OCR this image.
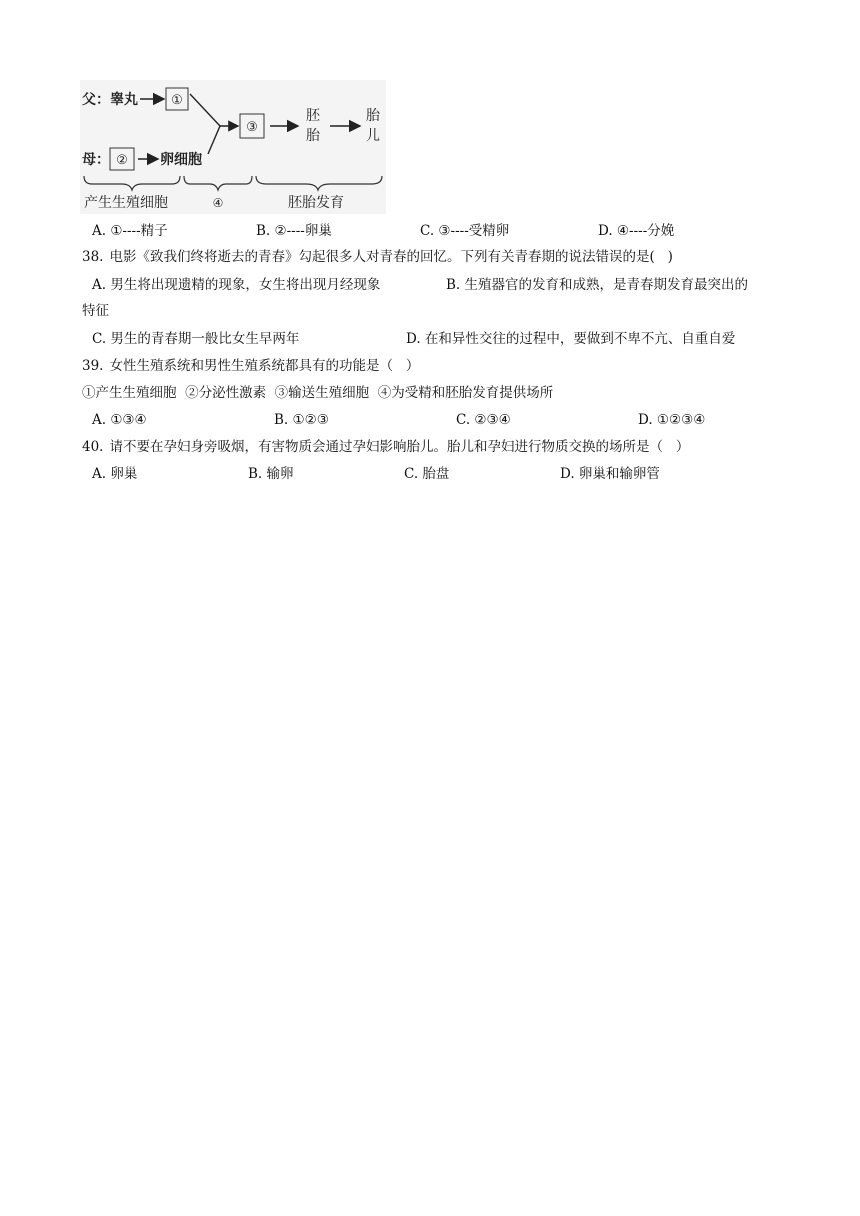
父：睾丸	①
③
胚
胎
胎
儿
母： ② 卵细胞
产生生殖细胞	④	胚胎发育
A. ①----精子	B. ②----卵巢	C. ③----受精卵	D. ④----分娩
38. 电影《致我们终将逝去的青春》勾起很多人对青春的回忆。下列有关青春期的说法错误的是(   )
A. 男生将出现遗精的现象，女生将出现月经现象	B. 生殖器官的发育和成熟，是青春期发育最突出的
特征
C. 男生的青春期一般比女生早两年	D. 在和异性交往的过程中，要做到不卑不亢、自重自爱
39. 女性生殖系统和男性生殖系统都具有的功能是（   ）
①产生生殖细胞  ②分泌性激素  ③输送生殖细胞  ④为受精和胚胎发育提供场所
A. ①③④	B. ①②③	C. ②③④	D. ①②③④
40. 请不要在孕妇身旁吸烟，有害物质会通过孕妇影响胎儿。胎儿和孕妇进行物质交换的场所是（   ）
A. 卵巢	B. 输卵	C. 胎盘	D. 卵巢和输卵管
